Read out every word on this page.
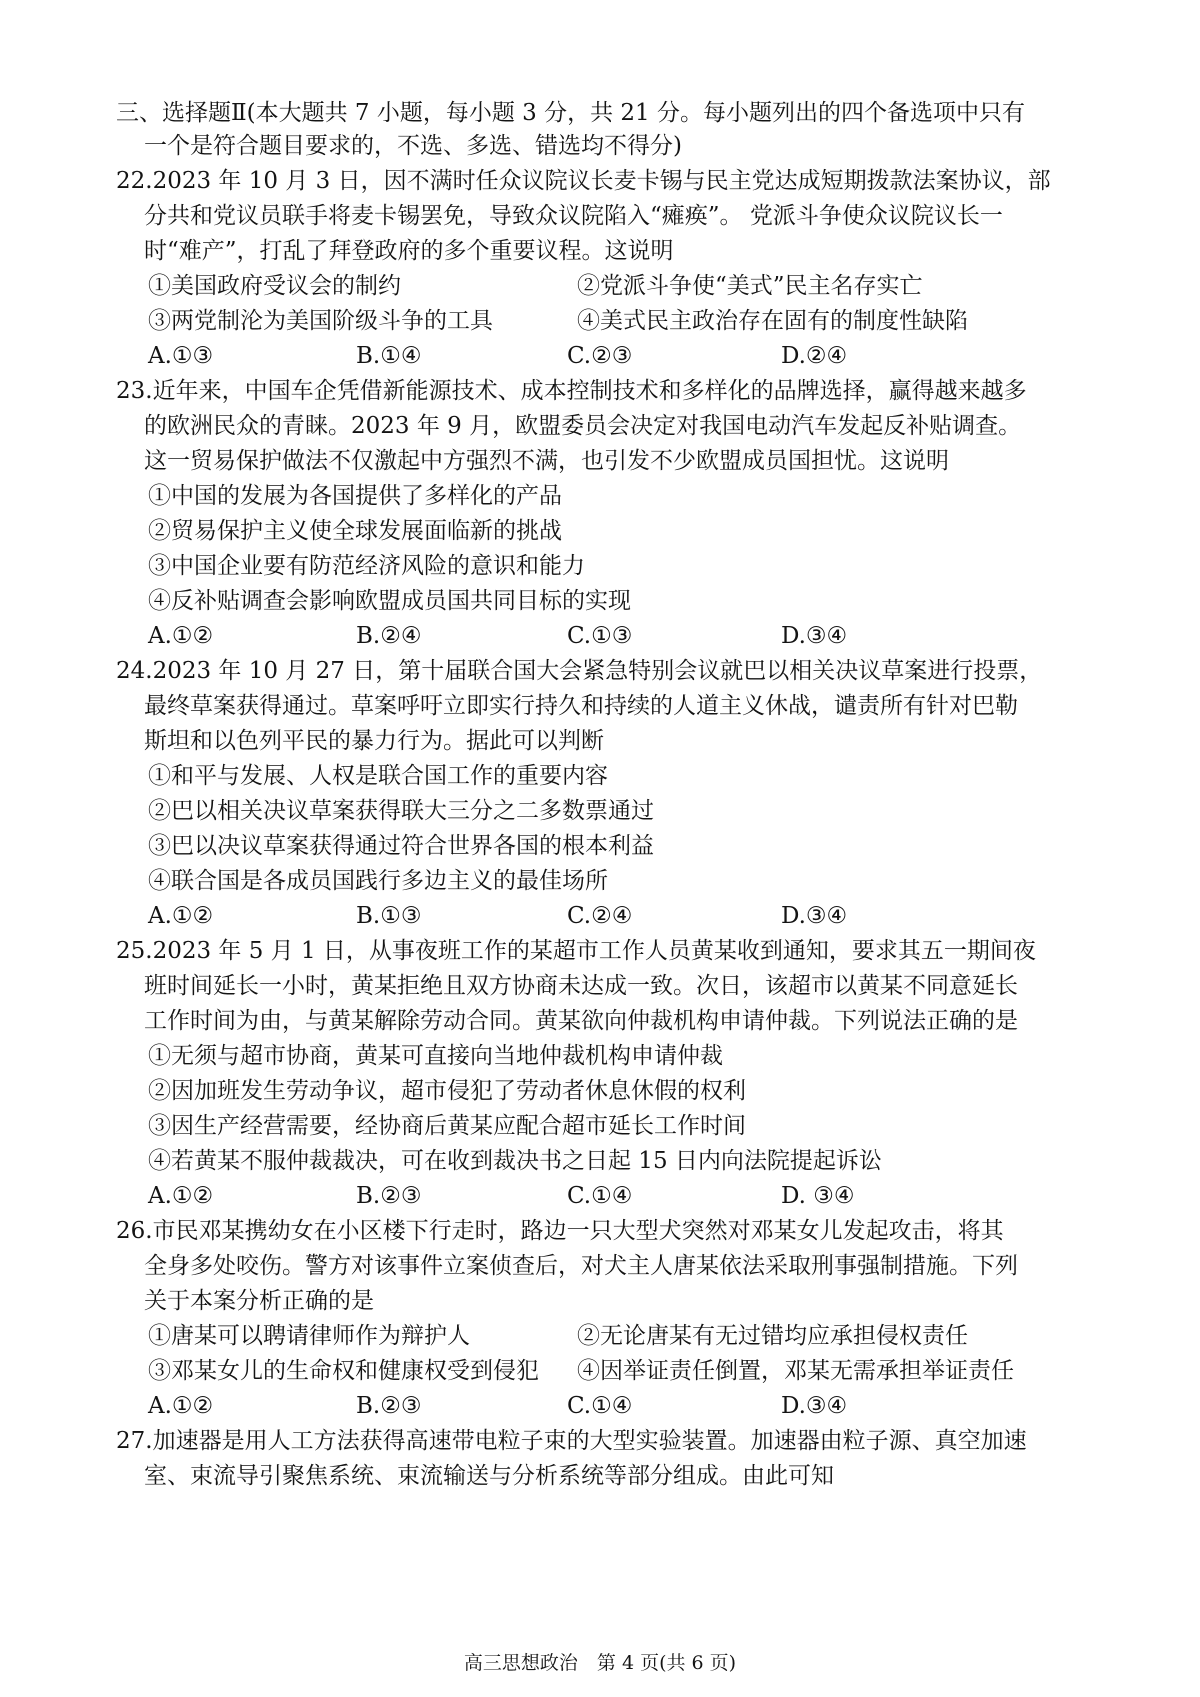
三、选择题Ⅱ(本大题共 7 小题，每小题 3 分，共 21 分。每小题列出的四个备选项中只有
一个是符合题目要求的，不选、多选、错选均不得分)
22.2023 年 10 月 3 日，因不满时任众议院议长麦卡锡与民主党达成短期拨款法案协议，部
分共和党议员联手将麦卡锡罢免，导致众议院陷入“瘫痪”。 党派斗争使众议院议长一
时“难产”，打乱了拜登政府的多个重要议程。这说明
①美国政府受议会的制约	②党派斗争使“美式”民主名存实亡
③两党制沦为美国阶级斗争的工具	④美式民主政治存在固有的制度性缺陷
A.①③	B.①④	C.②③	D.②④
23.近年来，中国车企凭借新能源技术、成本控制技术和多样化的品牌选择，赢得越来越多
的欧洲民众的青睐。2023 年 9 月，欧盟委员会决定对我国电动汽车发起反补贴调查。
这一贸易保护做法不仅激起中方强烈不满，也引发不少欧盟成员国担忧。这说明
①中国的发展为各国提供了多样化的产品
②贸易保护主义使全球发展面临新的挑战
③中国企业要有防范经济风险的意识和能力
④反补贴调查会影响欧盟成员国共同目标的实现
A.①②	B.②④	C.①③	D.③④
24.2023 年 10 月 27 日，第十届联合国大会紧急特别会议就巴以相关决议草案进行投票，
最终草案获得通过。草案呼吁立即实行持久和持续的人道主义休战，谴责所有针对巴勒
斯坦和以色列平民的暴力行为。据此可以判断
①和平与发展、人权是联合国工作的重要内容
②巴以相关决议草案获得联大三分之二多数票通过
③巴以决议草案获得通过符合世界各国的根本利益
④联合国是各成员国践行多边主义的最佳场所
A.①②	B.①③	C.②④	D.③④
25.2023 年 5 月 1 日，从事夜班工作的某超市工作人员黄某收到通知，要求其五一期间夜
班时间延长一小时，黄某拒绝且双方协商未达成一致。次日，该超市以黄某不同意延长
工作时间为由，与黄某解除劳动合同。黄某欲向仲裁机构申请仲裁。下列说法正确的是
①无须与超市协商，黄某可直接向当地仲裁机构申请仲裁
②因加班发生劳动争议，超市侵犯了劳动者休息休假的权利
③因生产经营需要，经协商后黄某应配合超市延长工作时间
④若黄某不服仲裁裁决，可在收到裁决书之日起 15 日内向法院提起诉讼
A.①②	B.②③	C.①④	D. ③④
26.市民邓某携幼女在小区楼下行走时，路边一只大型犬突然对邓某女儿发起攻击，将其
全身多处咬伤。警方对该事件立案侦查后，对犬主人唐某依法采取刑事强制措施。下列
关于本案分析正确的是
①唐某可以聘请律师作为辩护人	②无论唐某有无过错均应承担侵权责任
③邓某女儿的生命权和健康权受到侵犯 ④因举证责任倒置，邓某无需承担举证责任
A.①②	B.②③	C.①④	D.③④
27.加速器是用人工方法获得高速带电粒子束的大型实验装置。加速器由粒子源、真空加速
室、束流导引聚焦系统、束流输送与分析系统等部分组成。由此可知
高三思想政治　第 4 页(共 6 页)
